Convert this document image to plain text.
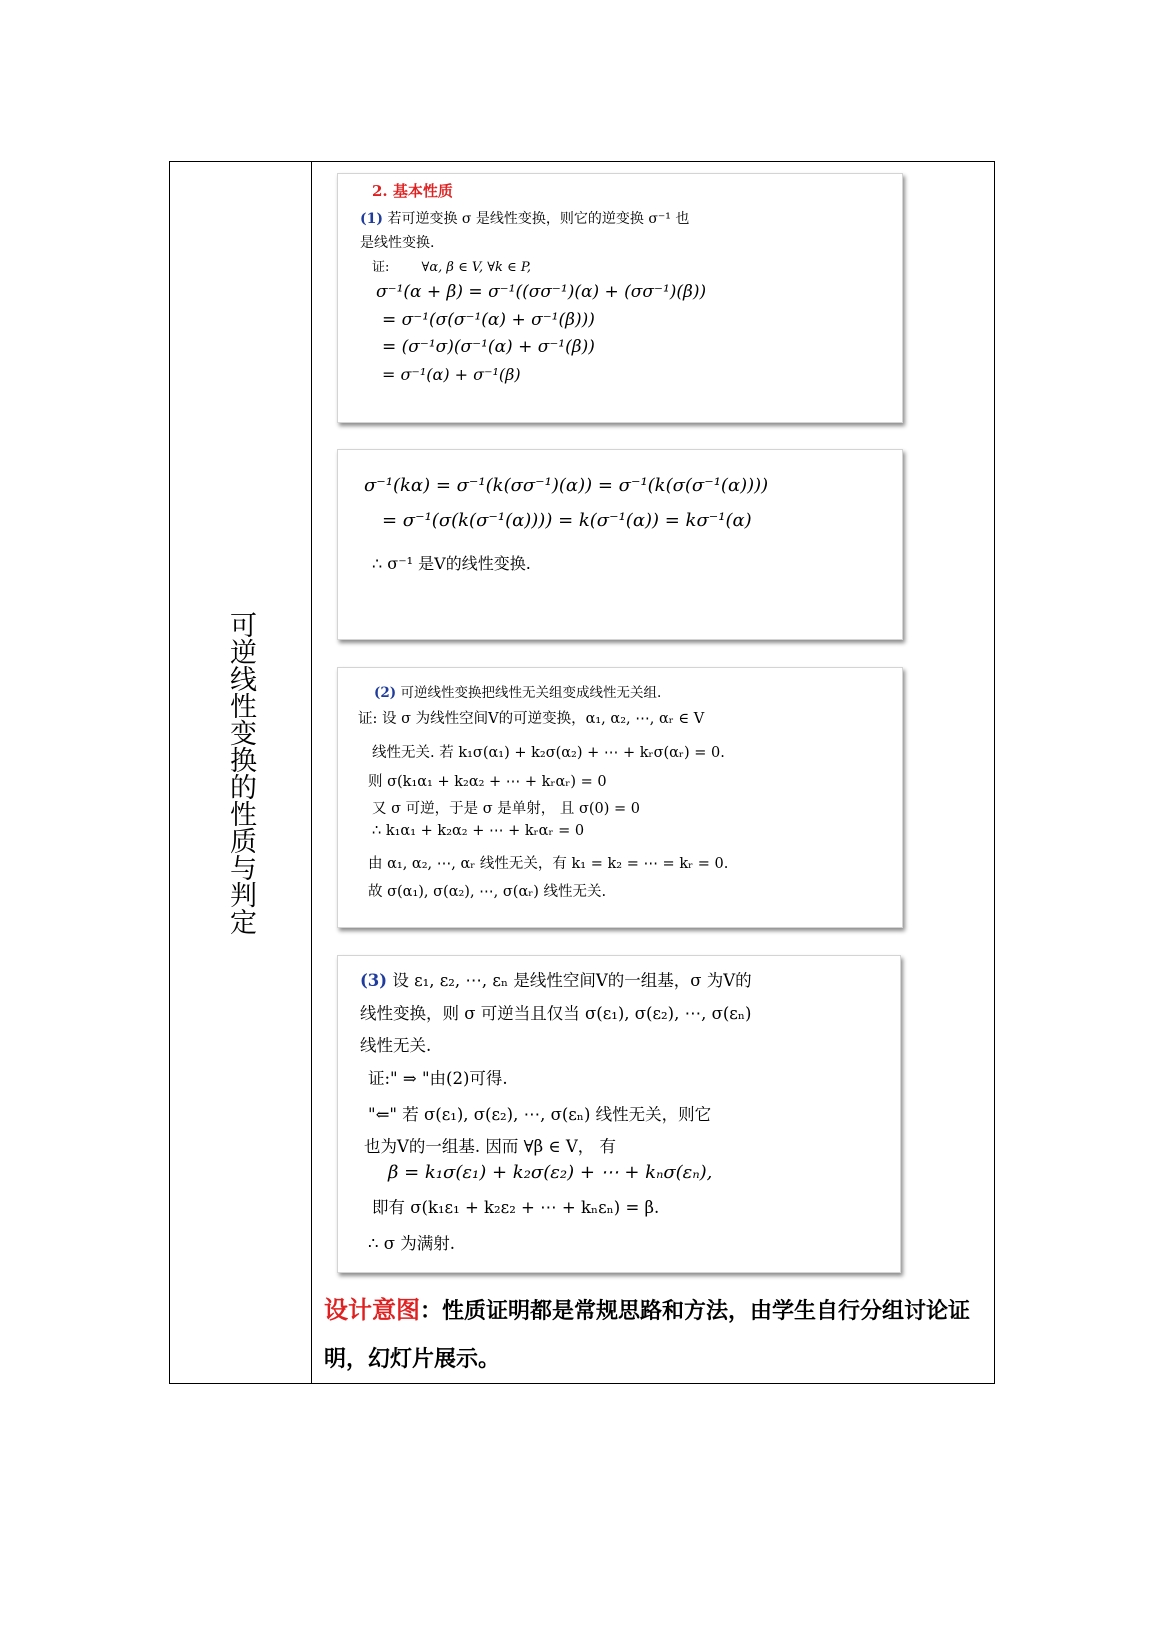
可逆线性变换的性质与判定
2. 基本性质
(1) 若可逆变换 σ 是线性变换，则它的逆变换 σ⁻¹ 也
是线性变换.
证: ∀α, β ∈ V, ∀k ∈ P,
σ⁻¹(α + β) = σ⁻¹((σσ⁻¹)(α) + (σσ⁻¹)(β))
= σ⁻¹(σ(σ⁻¹(α) + σ⁻¹(β)))
= (σ⁻¹σ)(σ⁻¹(α) + σ⁻¹(β))
= σ⁻¹(α) + σ⁻¹(β)
σ⁻¹(kα) = σ⁻¹(k(σσ⁻¹)(α)) = σ⁻¹(k(σ(σ⁻¹(α))))
= σ⁻¹(σ(k(σ⁻¹(α)))) = k(σ⁻¹(α)) = kσ⁻¹(α)
∴ σ⁻¹ 是V的线性变换.
(2) 可逆线性变换把线性无关组变成线性无关组.
证: 设 σ 为线性空间V的可逆变换，α₁, α₂, ⋯, αᵣ ∈ V
线性无关. 若 k₁σ(α₁) + k₂σ(α₂) + ⋯ + kᵣσ(αᵣ) = 0.
则 σ(k₁α₁ + k₂α₂ + ⋯ + kᵣαᵣ) = 0
又 σ 可逆，于是 σ 是单射， 且 σ(0) = 0
∴ k₁α₁ + k₂α₂ + ⋯ + kᵣαᵣ = 0
由 α₁, α₂, ⋯, αᵣ 线性无关，有 k₁ = k₂ = ⋯ = kᵣ = 0.
故 σ(α₁), σ(α₂), ⋯, σ(αᵣ) 线性无关.
(3) 设 ε₁, ε₂, ⋯, εₙ 是线性空间V的一组基，σ 为V的
线性变换，则 σ 可逆当且仅当 σ(ε₁), σ(ε₂), ⋯, σ(εₙ)
线性无关.
证:" ⇒ "由(2)可得.
"⇐" 若 σ(ε₁), σ(ε₂), ⋯, σ(εₙ) 线性无关，则它
也为V的一组基. 因而 ∀β ∈ V， 有
β = k₁σ(ε₁) + k₂σ(ε₂) + ⋯ + kₙσ(εₙ),
即有 σ(k₁ε₁ + k₂ε₂ + ⋯ + kₙεₙ) = β.
∴ σ 为满射.
设计意图：性质证明都是常规思路和方法，由学生自行分组讨论证明，幻灯片展示。
